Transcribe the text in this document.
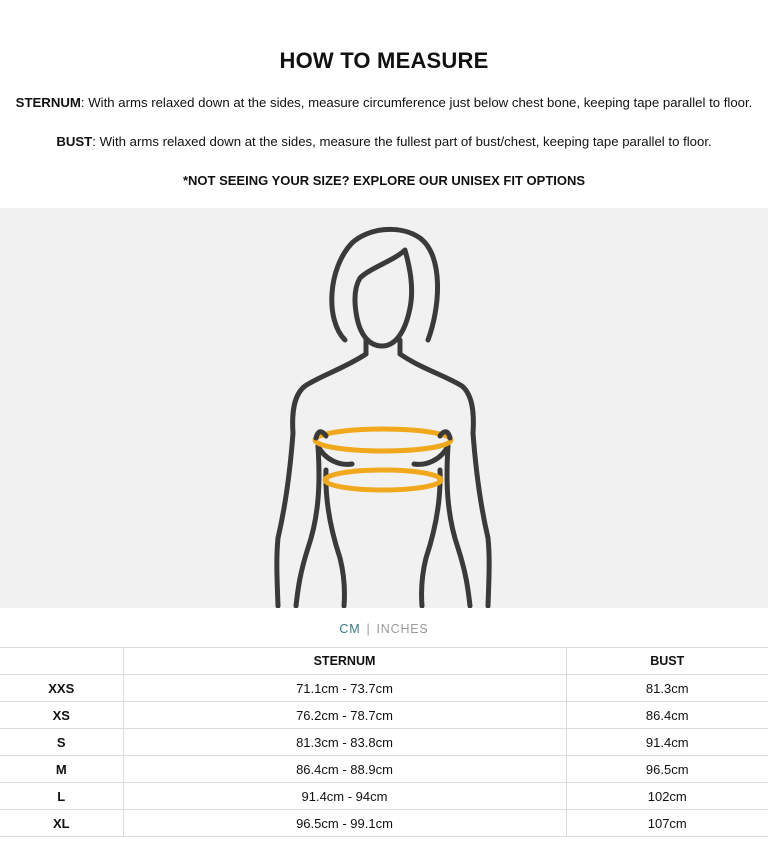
HOW TO MEASURE
STERNUM: With arms relaxed down at the sides, measure circumference just below chest bone, keeping tape parallel to floor.
BUST: With arms relaxed down at the sides, measure the fullest part of bust/chest, keeping tape parallel to floor.
*NOT SEEING YOUR SIZE? EXPLORE OUR UNISEX FIT OPTIONS
CM | INCHES
	STERNUM	BUST
XXS	71.1cm - 73.7cm	81.3cm
XS	76.2cm - 78.7cm	86.4cm
S	81.3cm - 83.8cm	91.4cm
M	86.4cm - 88.9cm	96.5cm
L	91.4cm - 94cm	102cm
XL	96.5cm - 99.1cm	107cm
